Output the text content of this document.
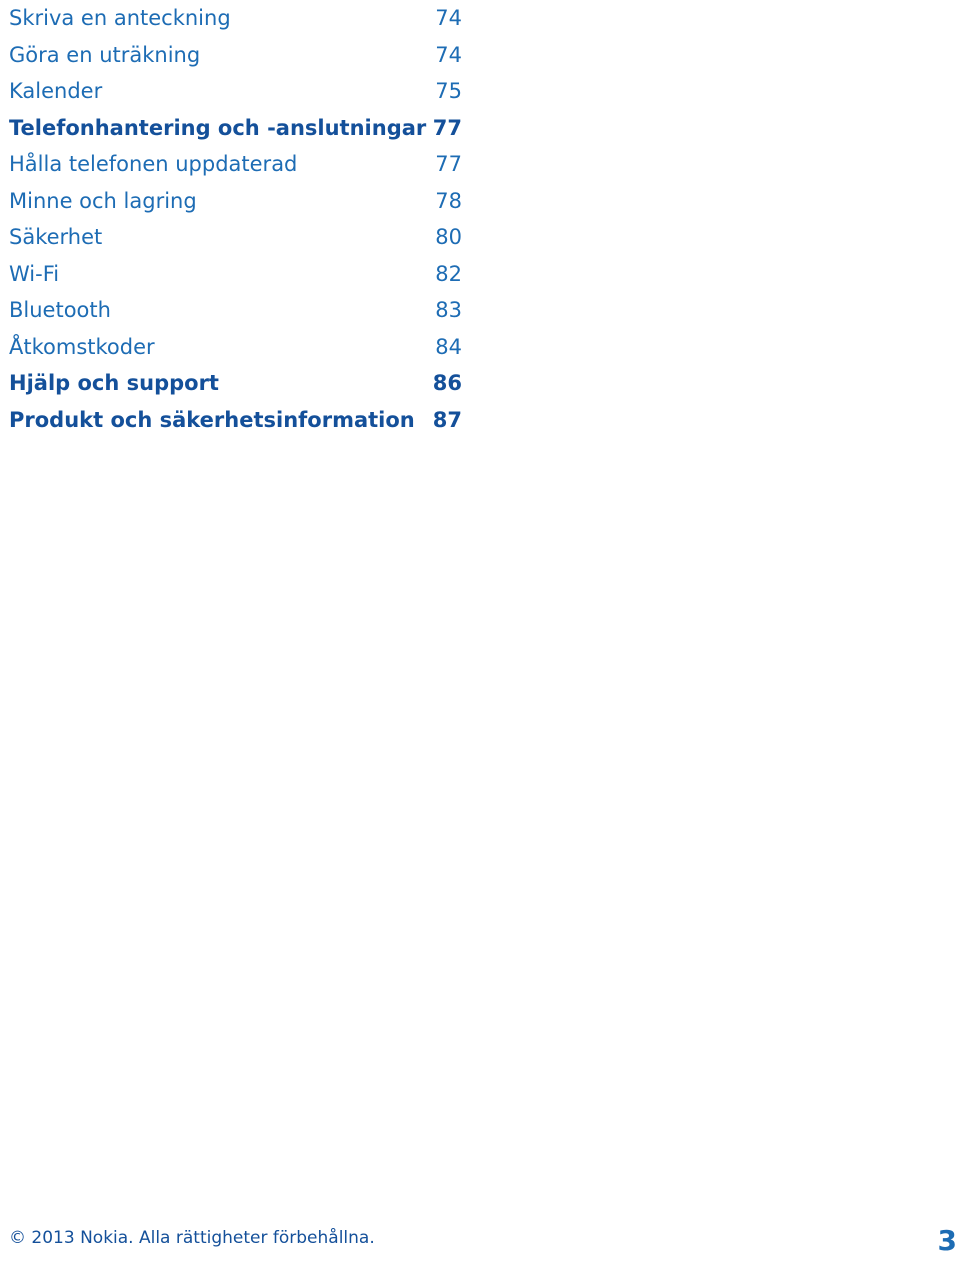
Skriva en anteckning	74
Göra en uträkning	74
Kalender	75
Telefonhantering och -anslutningar 77
Hålla telefonen uppdaterad	77
Minne och lagring	78
Säkerhet	80
Wi-Fi	82
Bluetooth	83
Åtkomstkoder	84
Hjälp och support	86
Produkt och säkerhetsinformation 87
© 2013 Nokia. Alla rättigheter förbehållna.	3
